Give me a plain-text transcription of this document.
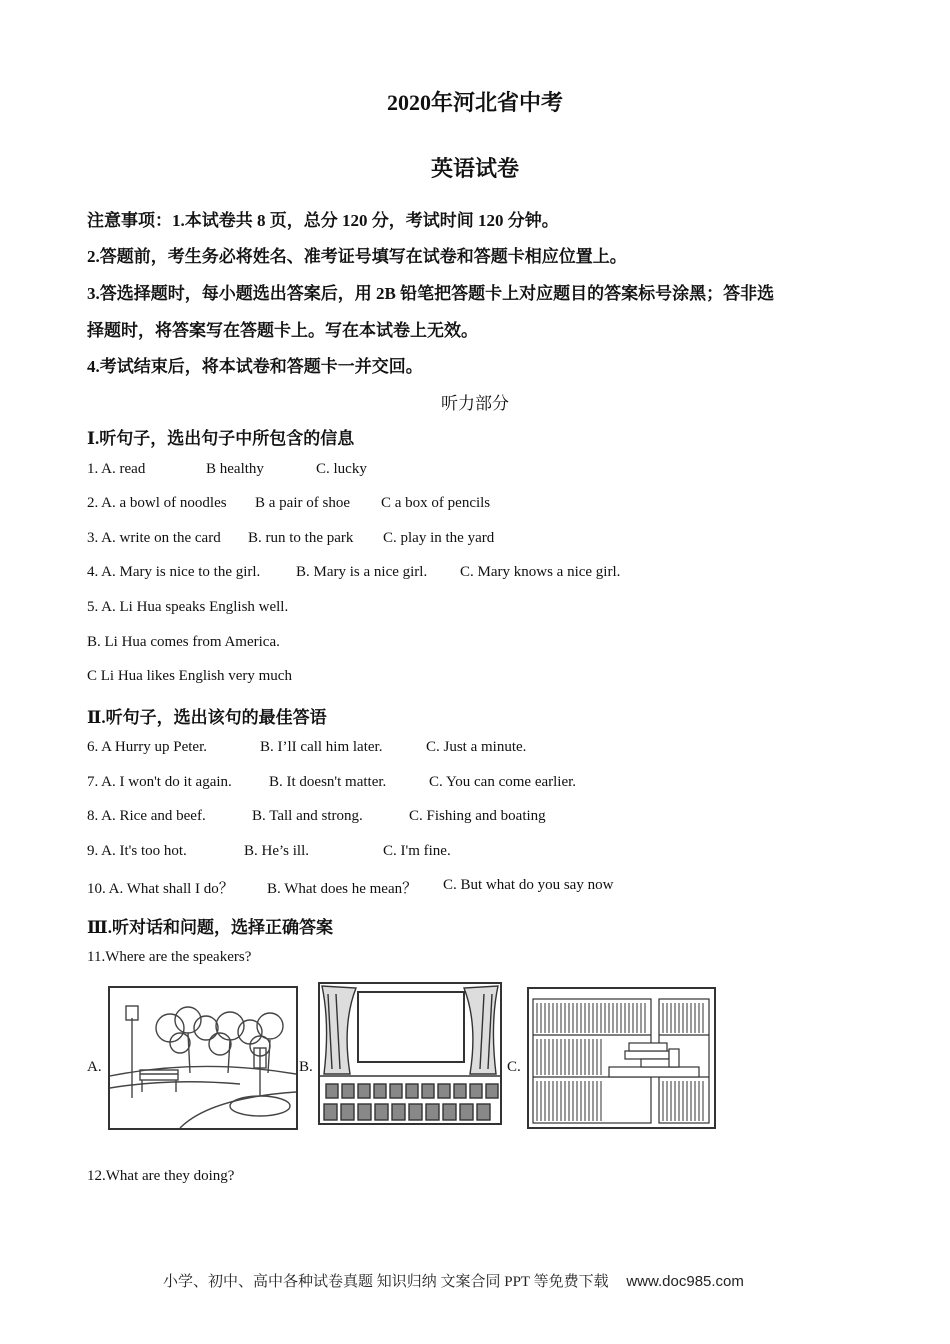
2020年河北省中考
英语试卷
注意事项：1.本试卷共 8 页，总分 120 分，考试时间 120 分钟。
2.答题前，考生务必将姓名、准考证号填写在试卷和答题卡相应位置上。
3.答选择题时，每小题选出答案后，用 2B 铅笔把答题卡上对应题目的答案标号涂黑；答非选
择题时，将答案写在答题卡上。写在本试卷上无效。
4.考试结束后，将本试卷和答题卡一并交回。
听力部分
Ⅰ.听句子，选出句子中所包含的信息
1. A. read	B healthy	C. lucky
2. A. a bowl of noodles B a pair of shoe C a box of pencils
3. A. write on the card B. run to the park C. play in the yard
4. A. Mary is nice to the girl. B. Mary is a nice girl. C. Mary knows a nice girl.
5. A. Li Hua speaks English well.
B. Li Hua comes from America.
C Li Hua likes English very much
Ⅱ.听句子，选出该句的最佳答语
6. A Hurry up Peter.	B. I’lI call him later.	C. Just a minute.
7. A. I won't do it again. B. It doesn't matter.	C. You can come earlier.
8. A. Rice and beef.	B. Tall and strong.	C. Fishing and boating
9. A. It's too hot.	B. He’s ill.	C. I'm fine.
10. A. What shall I do？ B. What does he mean？ C. But what do you say now
Ⅲ.听对话和问题，选择正确答案
11.Where are the speakers?
A.	B.	C.
12.What are they doing?
小学、初中、高中各种试卷真题 知识归纳 文案合同 PPT 等免费下载 www.doc985.com
